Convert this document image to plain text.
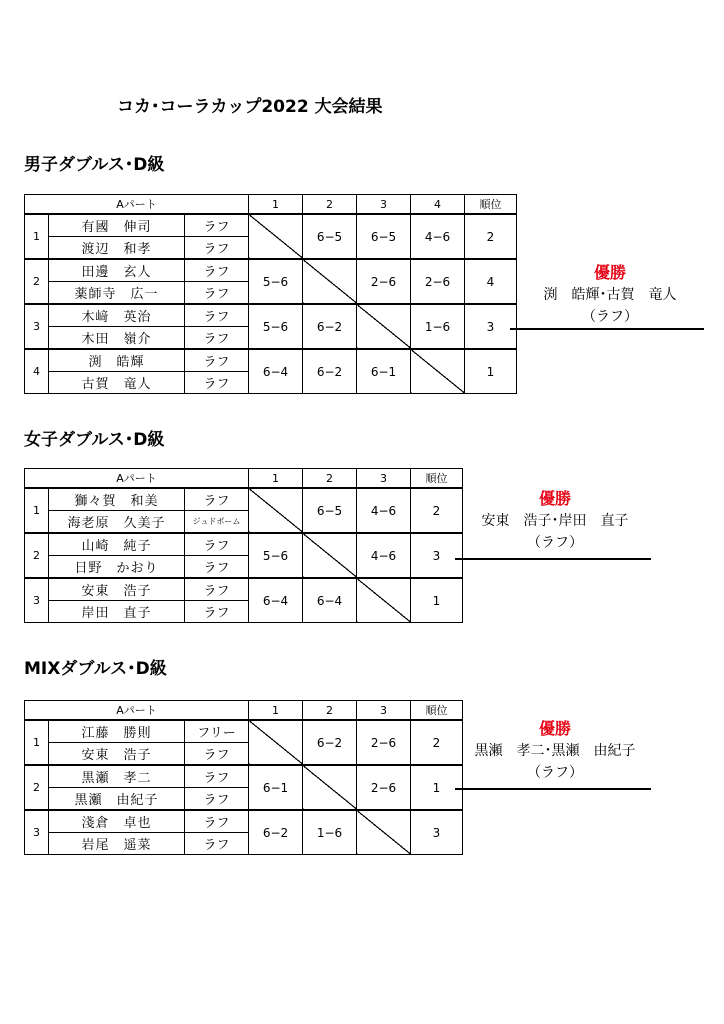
コカ･コーラカップ2022 大会結果
男子ダブルス･D級
女子ダブルス･D級
MIXダブルス･D級
Aパート			1	2	3	4	順位
1	有國　伸司	ラフ		6−5	6−5	4−6	2
	渡辺　和孝	ラフ					
2	田邊　玄人	ラフ	5−6		2−6	2−6	4
	薬師寺　広一	ラフ					
3	木﨑　英治	ラフ	5−6	6−2		1−6	3
	木田　嶺介	ラフ					
4	渕　皓輝	ラフ	6−4	6−2	6−1		1
	古賀　竜人	ラフ					
優勝
渕　皓輝･古賀　竜人
（ラフ）
Aパート			1	2	3	順位
1	獅々賀　和美	ラフ		6−5	4−6	2
	海老原　久美子	ジュドポーム				
2	山崎　純子	ラフ	5−6		4−6	3
	日野　かおり	ラフ				
3	安東　浩子	ラフ	6−4	6−4		1
	岸田　直子	ラフ				
優勝
安東　浩子･岸田　直子
（ラフ）
Aパート			1	2	3	順位
1	江藤　勝則	フリー		6−2	2−6	2
	安東　浩子	ラフ				
2	黒瀬　孝二	ラフ	6−1		2−6	1
	黒瀬　由紀子	ラフ				
3	淺倉　卓也	ラフ	6−2	1−6		3
	岩尾　遥菜	ラフ				
優勝
黒瀬　孝二･黒瀬　由紀子
（ラフ）
